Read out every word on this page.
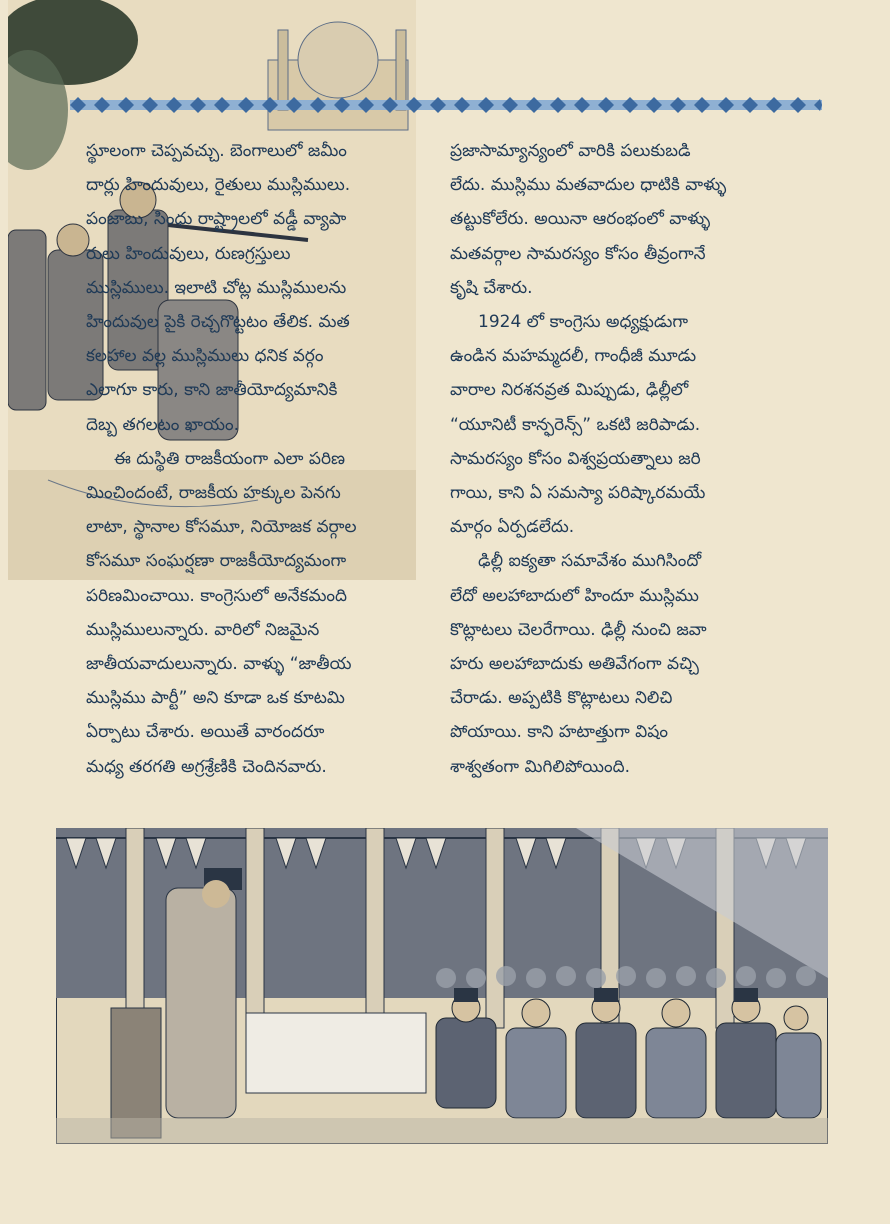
స్థూలంగా చెప్పవచ్చు. బెంగాలులో జమీం
దార్లు హిందువులు, రైతులు ముస్లిములు.
పంజాబు, సింధు రాష్ట్రాలలో వడ్డీ వ్యాపా
రులు హిందువులు, రుణగ్రస్తులు
ముస్లిములు. ఇలాటి చోట్ల ముస్లిములను
హిందువుల పైకి రెచ్చగొట్టటం తేలిక. మత
కలహాల వల్ల ముస్లిములు ధనిక వర్గం
ఎలాగూ కారు, కాని జాతీయోద్యమానికి
దెబ్బ తగలటం ఖాయం.
ఈ దుస్థితి రాజకీయంగా ఎలా పరిణ
మించిందంటే, రాజకీయ హక్కుల పెనగు
లాటా, స్థానాల కోసమూ, నియోజక వర్గాల
కోసమూ సంఘర్షణా రాజకీయోద్యమంగా
పరిణమించాయి. కాంగ్రెసులో అనేకమంది
ముస్లిములున్నారు. వారిలో నిజమైన
జాతీయవాదులున్నారు. వాళ్ళు “జాతీయ
ముస్లిము పార్టీ” అని కూడా ఒక కూటమి
ఏర్పాటు చేశారు. అయితే వారందరూ
మధ్య తరగతి అగ్రశ్రేణికి చెందినవారు.
ప్రజాసామ్యాన్యంలో వారికి పలుకుబడి
లేదు. ముస్లిము మతవాదుల ధాటికి వాళ్ళు
తట్టుకోలేరు. అయినా ఆరంభంలో వాళ్ళు
మతవర్గాల సామరస్యం కోసం తీవ్రంగానే
కృషి చేశారు.
1924 లో కాంగ్రెసు అధ్యక్షుడుగా
ఉండిన మహమ్మదలీ, గాంధీజీ మూడు
వారాల నిరశనవ్రత మిప్పుడు, ఢిల్లీలో
“యూనిటీ కాన్ఫరెన్స్” ఒకటి జరిపాడు.
సామరస్యం కోసం విశ్వప్రయత్నాలు జరి
గాయి, కాని ఏ సమస్యా పరిష్కారమయే
మార్గం ఏర్పడలేదు.
ఢిల్లీ ఐక్యతా సమావేశం ముగిసిందో
లేదో అలహాబాదులో హిందూ ముస్లిము
కొట్లాటలు చెలరేగాయి. ఢిల్లీ నుంచి జవా
హరు అలహాబాదుకు అతివేగంగా వచ్చి
చేరాడు. అప్పటికి కొట్లాటలు నిలిచి
పోయాయి. కాని హటాత్తుగా విషం
శాశ్వతంగా మిగిలిపోయింది.
